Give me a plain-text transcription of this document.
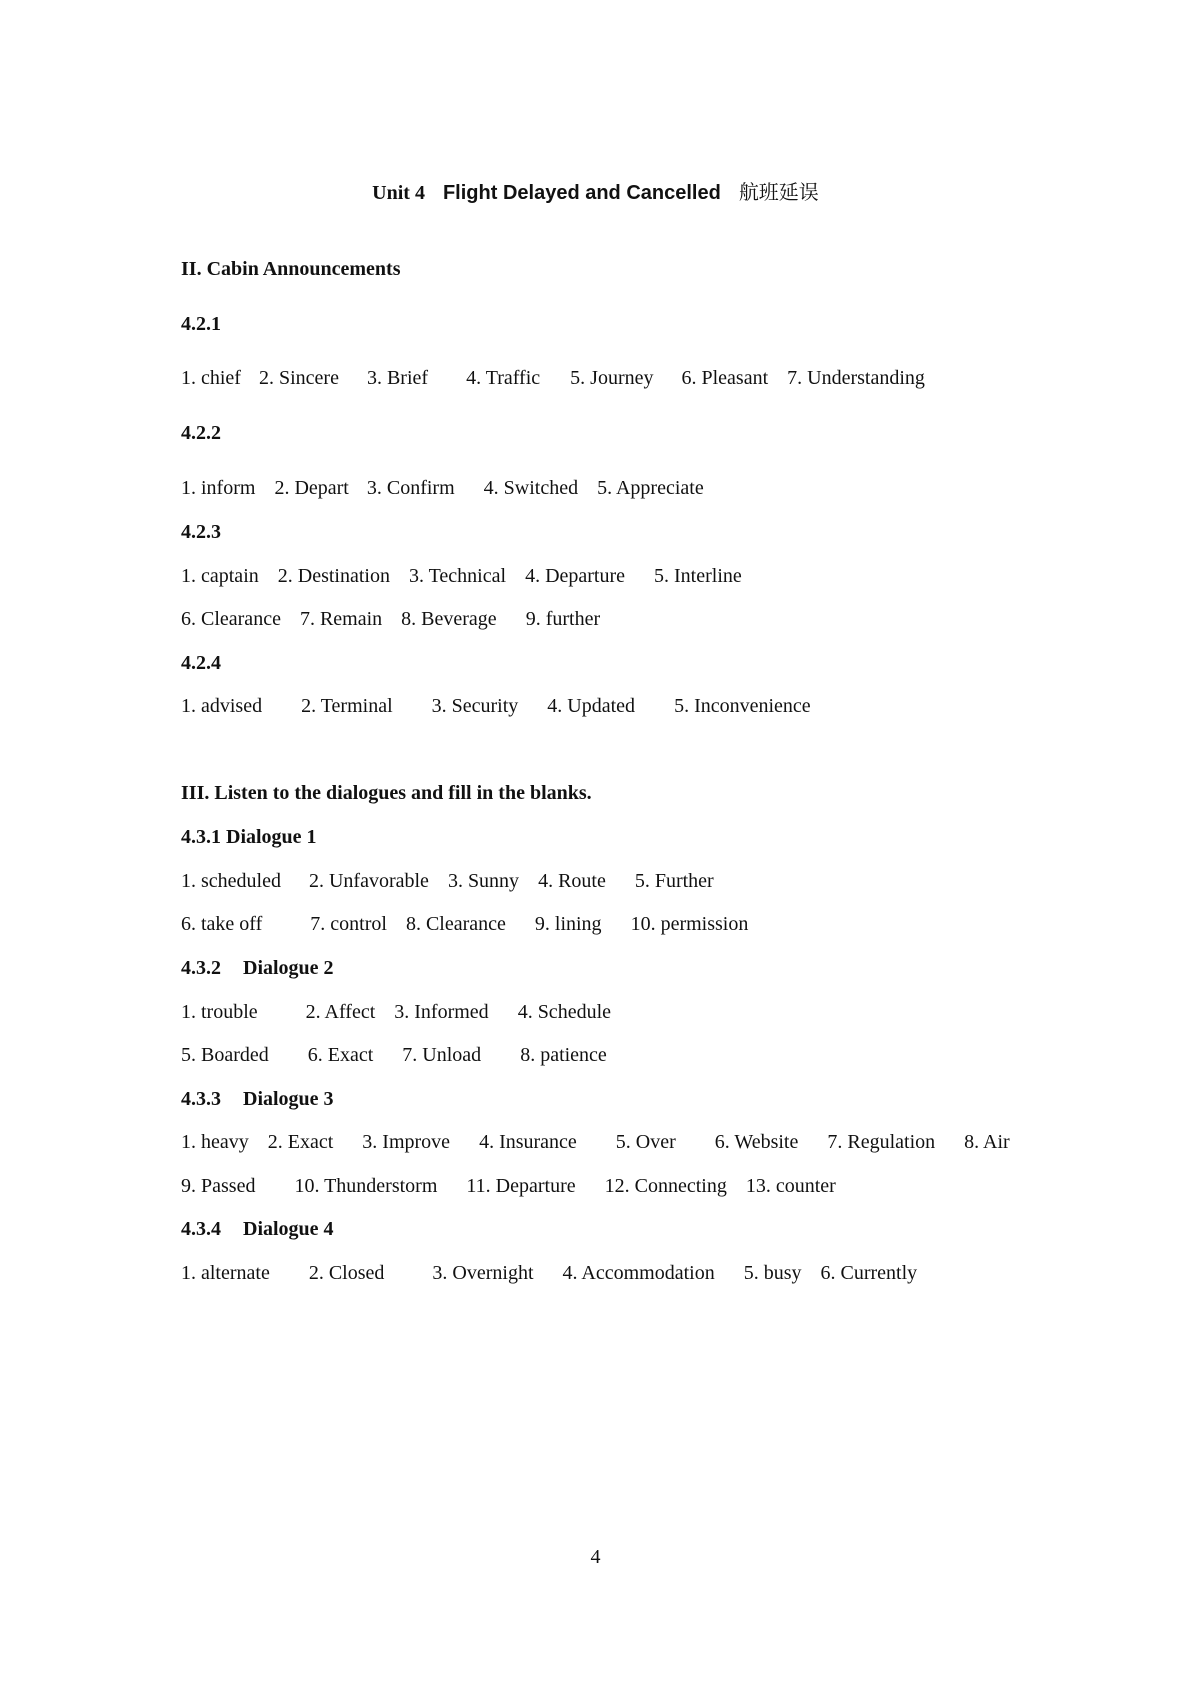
Unit 4 Flight Delayed and Cancelled 航班延误
II. Cabin Announcements
4.2.1
1. chief 2. Sincere 3. Brief 4. Traffic 5. Journey 6. Pleasant 7. Understanding
4.2.2
1. inform 2. Depart 3. Confirm 4. Switched 5. Appreciate
4.2.3
1. captain 2. Destination 3. Technical 4. Departure 5. Interline
6. Clearance 7. Remain 8. Beverage 9. further
4.2.4
1. advised 2. Terminal 3. Security 4. Updated 5. Inconvenience
III. Listen to the dialogues and fill in the blanks.
4.3.1 Dialogue 1
1. scheduled 2. Unfavorable 3. Sunny 4. Route 5. Further
6. take off 7. control 8. Clearance 9. lining 10. permission
4.3.2 Dialogue 2
1. trouble 2. Affect 3. Informed 4. Schedule
5. Boarded 6. Exact 7. Unload 8. patience
4.3.3 Dialogue 3
1. heavy 2. Exact 3. Improve 4. Insurance 5. Over 6. Website 7. Regulation 8. Air
9. Passed 10. Thunderstorm 11. Departure 12. Connecting 13. counter
4.3.4 Dialogue 4
1. alternate 2. Closed 3. Overnight 4. Accommodation 5. busy 6. Currently
4
